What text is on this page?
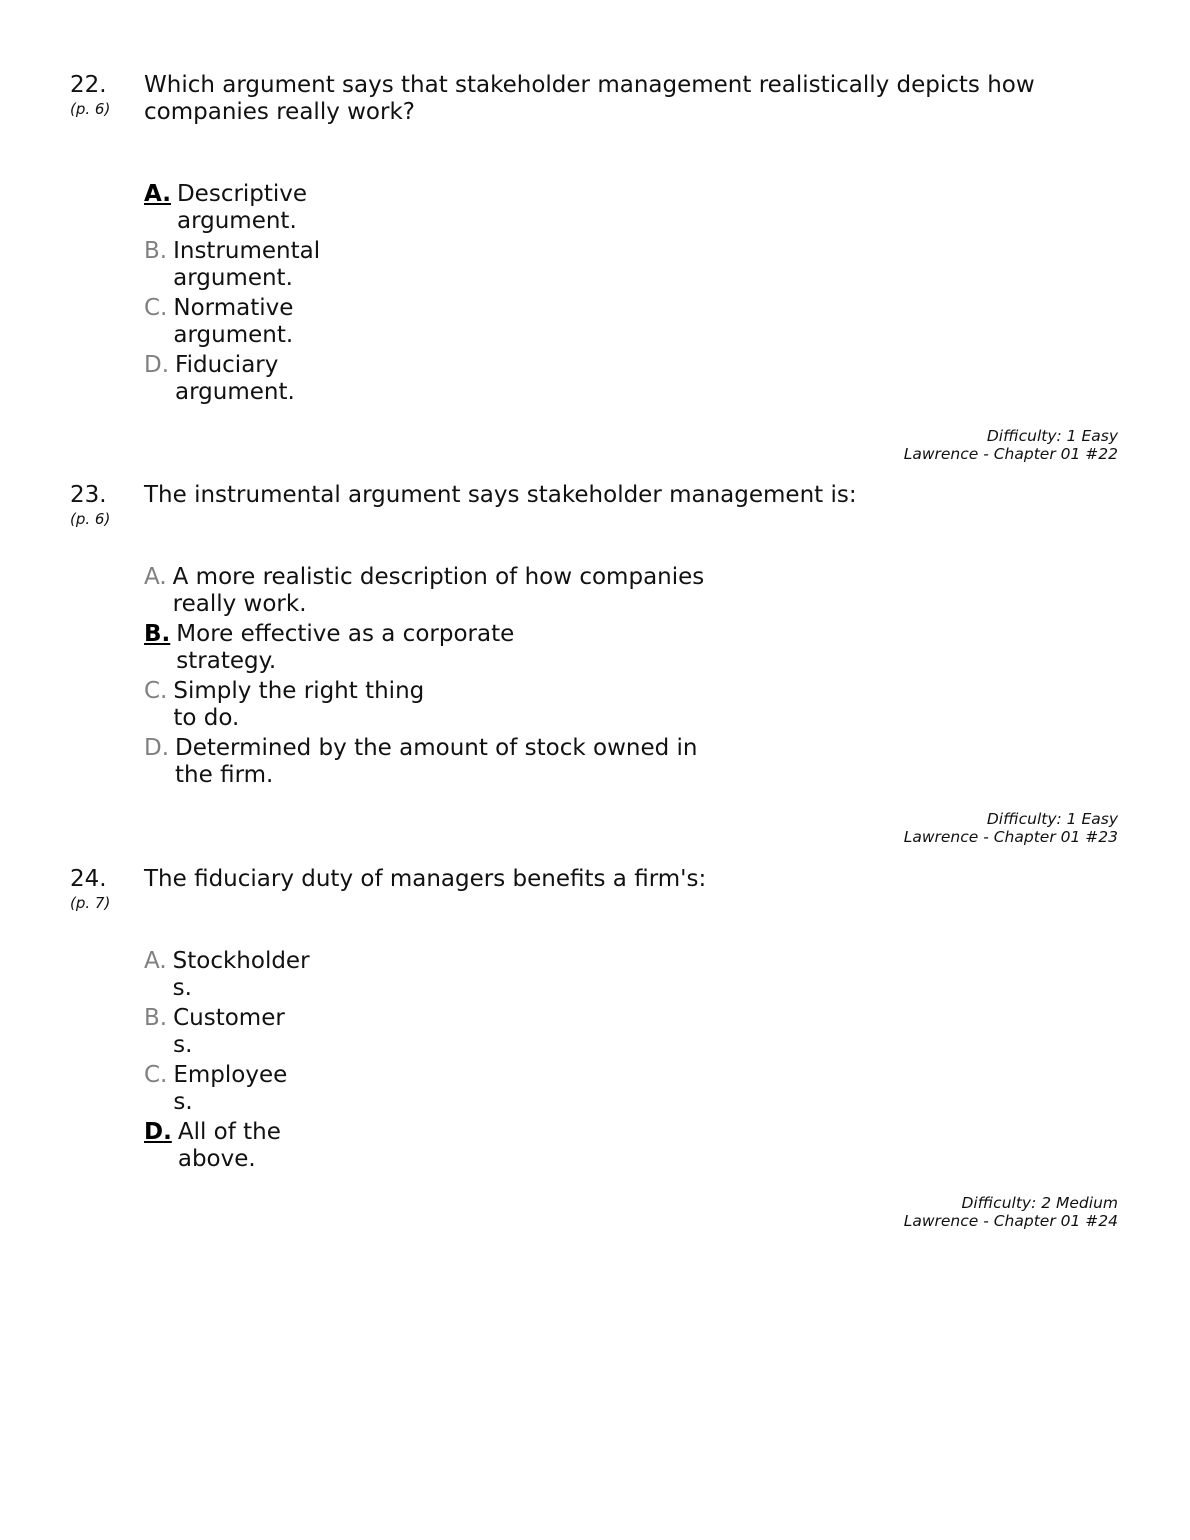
22.
(p. 6)
Which argument says that stakeholder management realistically depicts how companies really work?
A. Descriptive argument.
B. Instrumental argument.
C. Normative argument.
D. Fiduciary argument.
Difficulty: 1 Easy
Lawrence - Chapter 01 #22
23.
(p. 6)
The instrumental argument says stakeholder management is:
A. A more realistic description of how companies really work.
B. More effective as a corporate strategy.
C. Simply the right thing to do.
D. Determined by the amount of stock owned in the firm.
Difficulty: 1 Easy
Lawrence - Chapter 01 #23
24.
(p. 7)
The fiduciary duty of managers benefits a firm's:
A. Stockholders.
B. Customers.
C. Employees.
D. All of the above.
Difficulty: 2 Medium
Lawrence - Chapter 01 #24
